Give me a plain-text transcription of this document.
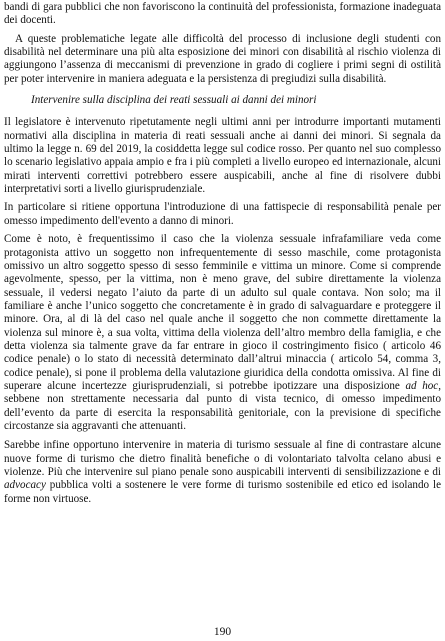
bandi di gara pubblici che non favoriscono la continuità del professionista, formazione inadeguata dei docenti.

A queste problematiche legate alle difficoltà del processo di inclusione degli studenti con disabilità nel determinare una più alta esposizione dei minori con disabilità al rischio violenza di aggiungono l’assenza di meccanismi di prevenzione in grado di cogliere i primi segni di ostilità per poter intervenire in maniera adeguata e la persistenza di pregiudizi sulla disabilità.

Intervenire sulla disciplina dei reati sessuali ai danni dei minori

Il legislatore è intervenuto ripetutamente negli ultimi anni per introdurre importanti mutamenti normativi alla disciplina in materia di reati sessuali anche ai danni dei minori. Si segnala da ultimo la legge n. 69 del 2019, la cosiddetta legge sul codice rosso. Per quanto nel suo complesso lo scenario legislativo appaia ampio e fra i più completi a livello europeo ed internazionale, alcuni mirati interventi correttivi potrebbero essere auspicabili, anche al fine di risolvere dubbi interpretativi sorti a livello giurisprudenziale.

In particolare si ritiene opportuna l'introduzione di una fattispecie di responsabilità penale per omesso impedimento dell'evento a danno di minori.

Come è noto, è frequentissimo il caso che la violenza sessuale infrafamiliare veda come protagonista attivo un soggetto non infrequentemente di sesso maschile, come protagonista omissivo un altro soggetto spesso di sesso femminile e vittima un minore. Come si comprende agevolmente, spesso, per la vittima, non è meno grave, del subire direttamente la violenza sessuale, il vedersi negato l’aiuto da parte di un adulto sul quale contava. Non solo; ma il familiare è anche l’unico soggetto che concretamente è in grado di salvaguardare e proteggere il minore. Ora, al di là del caso nel quale anche il soggetto che non commette direttamente la violenza sul minore è, a sua volta, vittima della violenza dell’altro membro della famiglia, e che detta violenza sia talmente grave da far entrare in gioco il costringimento fisico ( articolo 46 codice penale) o lo stato di necessità determinato dall’altrui minaccia ( articolo 54, comma 3, codice penale), si pone il problema della valutazione giuridica della condotta omissiva. Al fine di superare alcune incertezze giurisprudenziali, si potrebbe ipotizzare una disposizione ad hoc, sebbene non strettamente necessaria dal punto di vista tecnico, di omesso impedimento dell’evento da parte di esercita la responsabilità genitoriale, con la previsione di specifiche circostanze sia aggravanti che attenuanti.

Sarebbe infine opportuno intervenire in materia di turismo sessuale al fine di contrastare alcune nuove forme di turismo che dietro finalità benefiche o di volontariato talvolta celano abusi e violenze. Più che intervenire sul piano penale sono auspicabili interventi di sensibilizzazione e di advocacy pubblica volti a sostenere le vere forme di turismo sostenibile ed etico ed isolando le forme non virtuose.

190
